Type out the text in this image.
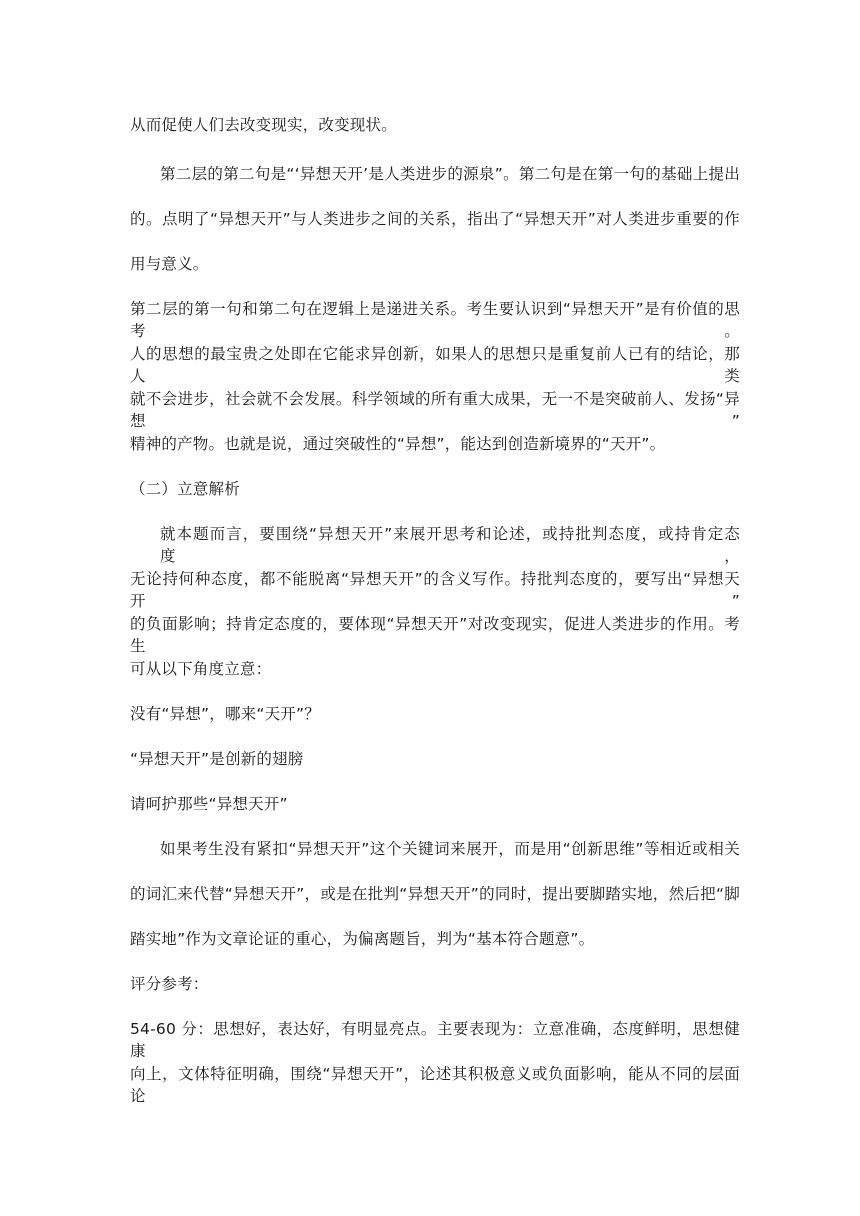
从而促使人们去改变现实，改变现状。
第二层的第二句是“‘异想天开’是人类进步的源泉”。第二句是在第一句的基础上提出
的。点明了“异想天开”与人类进步之间的关系，指出了“异想天开”对人类进步重要的作
用与意义。
第二层的第一句和第二句在逻辑上是递进关系。考生要认识到“异想天开”是有价值的思考。
人的思想的最宝贵之处即在它能求异创新，如果人的思想只是重复前人已有的结论，那人类
就不会进步，社会就不会发展。科学领域的所有重大成果，无一不是突破前人、发扬“异想”
精神的产物。也就是说，通过突破性的“异想”，能达到创造新境界的“天开”。
（二）立意解析
就本题而言，要围绕“异想天开”来展开思考和论述，或持批判态度，或持肯定态度，
无论持何种态度，都不能脱离“异想天开”的含义写作。持批判态度的，要写出“异想天开”
的负面影响；持肯定态度的，要体现“异想天开”对改变现实，促进人类进步的作用。考生
可从以下角度立意：
没有“异想”，哪来“天开”？
“异想天开”是创新的翅膀
请呵护那些“异想天开”
如果考生没有紧扣“异想天开”这个关键词来展开，而是用“创新思维”等相近或相关
的词汇来代替“异想天开”，或是在批判“异想天开”的同时，提出要脚踏实地，然后把“脚
踏实地”作为文章论证的重心，为偏离题旨，判为“基本符合题意”。
评分参考：
54-60 分：思想好，表达好，有明显亮点。主要表现为：立意准确，态度鲜明，思想健康
向上，文体特征明确，围绕“异想天开”，论述其积极意义或负面影响，能从不同的层面论
